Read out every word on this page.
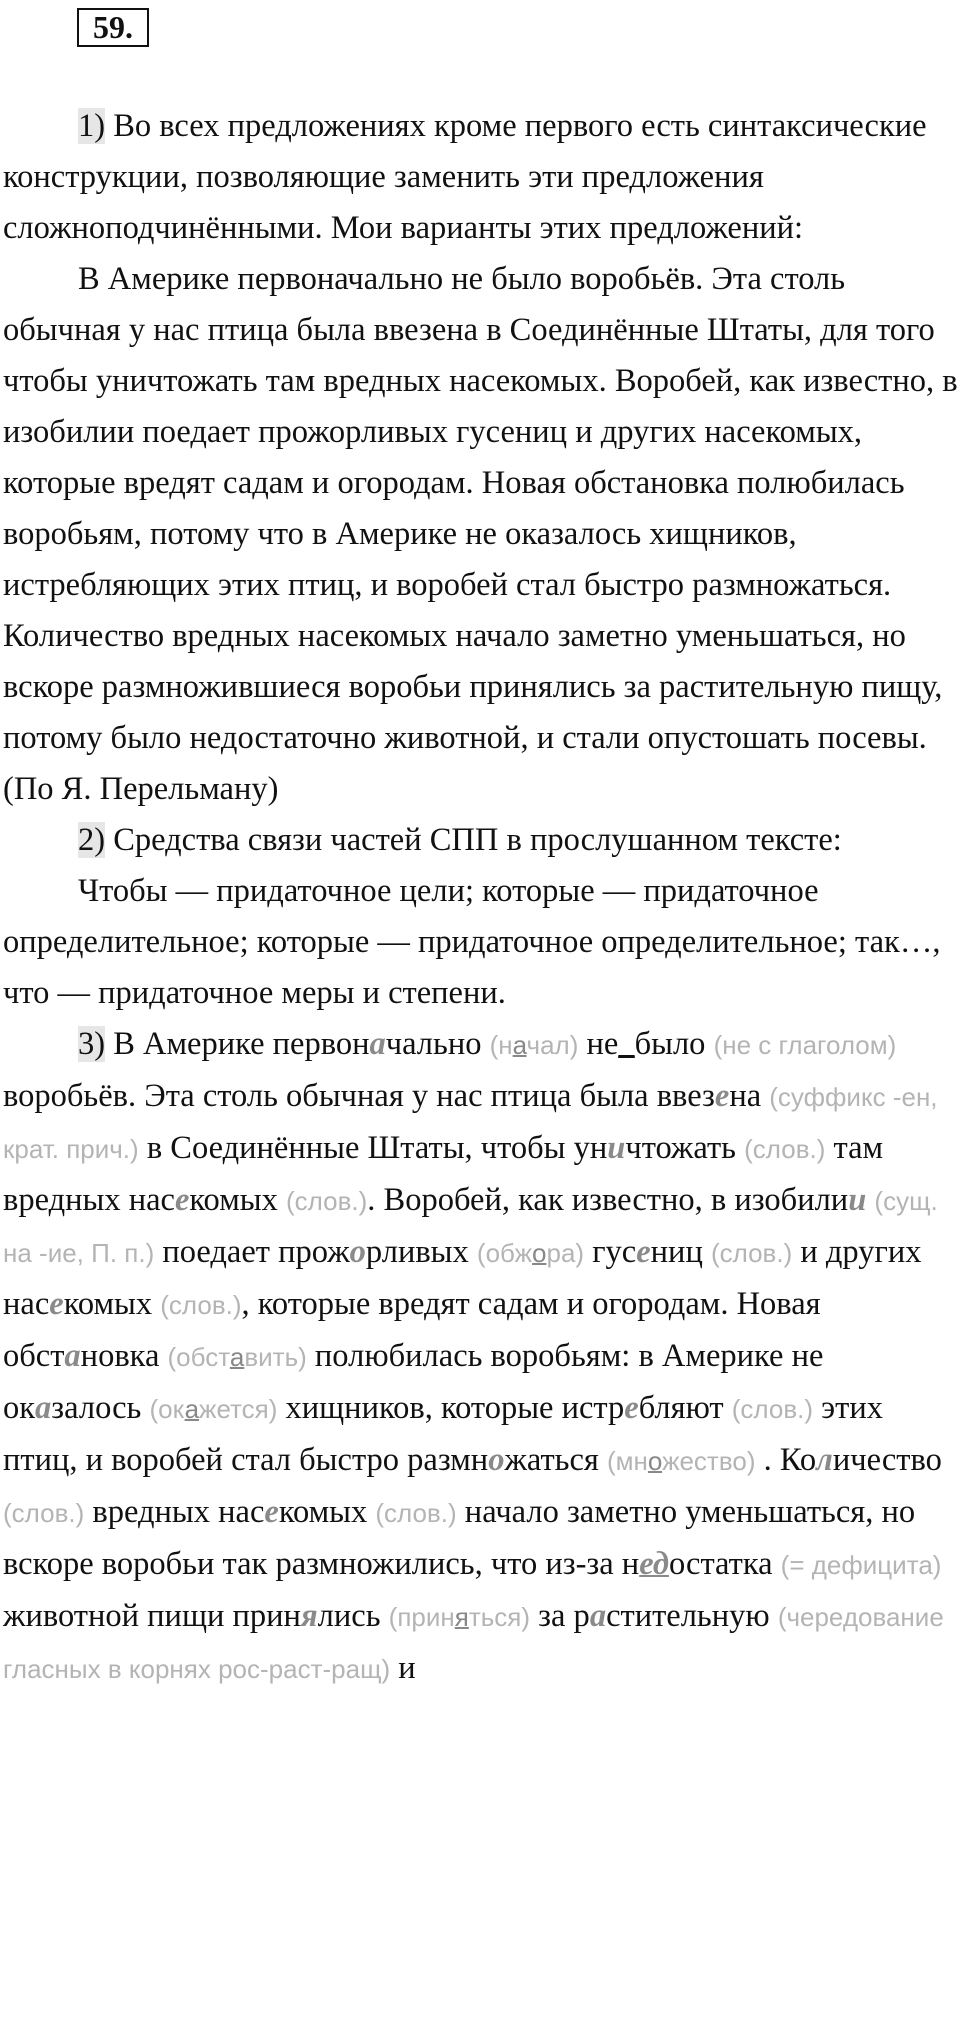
59.

1) Во всех предложениях кроме первого есть синтаксические конструкции, позволяющие заменить эти предложения сложноподчинёнными. Мои варианты этих предложений:

В Америке первоначально не было воробьёв. Эта столь обычная у нас птица была ввезена в Соединённые Штаты, для того чтобы уничтожать там вредных насекомых. Воробей, как известно, в изобилии поедает прожорливых гусениц и других насекомых, которые вредят садам и огородам. Новая обстановка полюбилась воробьям, потому что в Америке не оказалось хищников, истребляющих этих птиц, и воробей стал быстро размножаться. Количество вредных насекомых начало заметно уменьшаться, но вскоре размножившиеся воробьи принялись за растительную пищу, потому было недостаточно животной, и стали опустошать посевы. (По Я. Перельману)

2) Средства связи частей СПП в прослушанном тексте:

Чтобы — придаточное цели; которые — придаточное определительное; которые — придаточное определительное; так…, что — придаточное меры и степени.

3) В Америке первоначально (начал) не_было (не с глаголом) воробьёв. Эта столь обычная у нас птица была ввезена (суффикс -ен, крат. прич.) в Соединённые Штаты, чтобы уничтожать (слов.) там вредных насекомых (слов.). Воробей, как известно, в изобилии (сущ. на -ие, П. п.) поедает прожорливых (обжора) гусениц (слов.) и других насекомых (слов.), которые вредят садам и огородам. Новая обстановка (обставить) полюбилась воробьям: в Америке не оказалось (окажется) хищников, которые истребляют (слов.) этих птиц, и воробей стал быстро размножаться (множество) . Количество (слов.) вредных насекомых (слов.) начало заметно уменьшаться, но вскоре воробьи так размножились, что из-за недостатка (= дефицита) животной пищи принялись (приняться) за растительную (чередование гласных в корнях рос-раст-ращ) и
